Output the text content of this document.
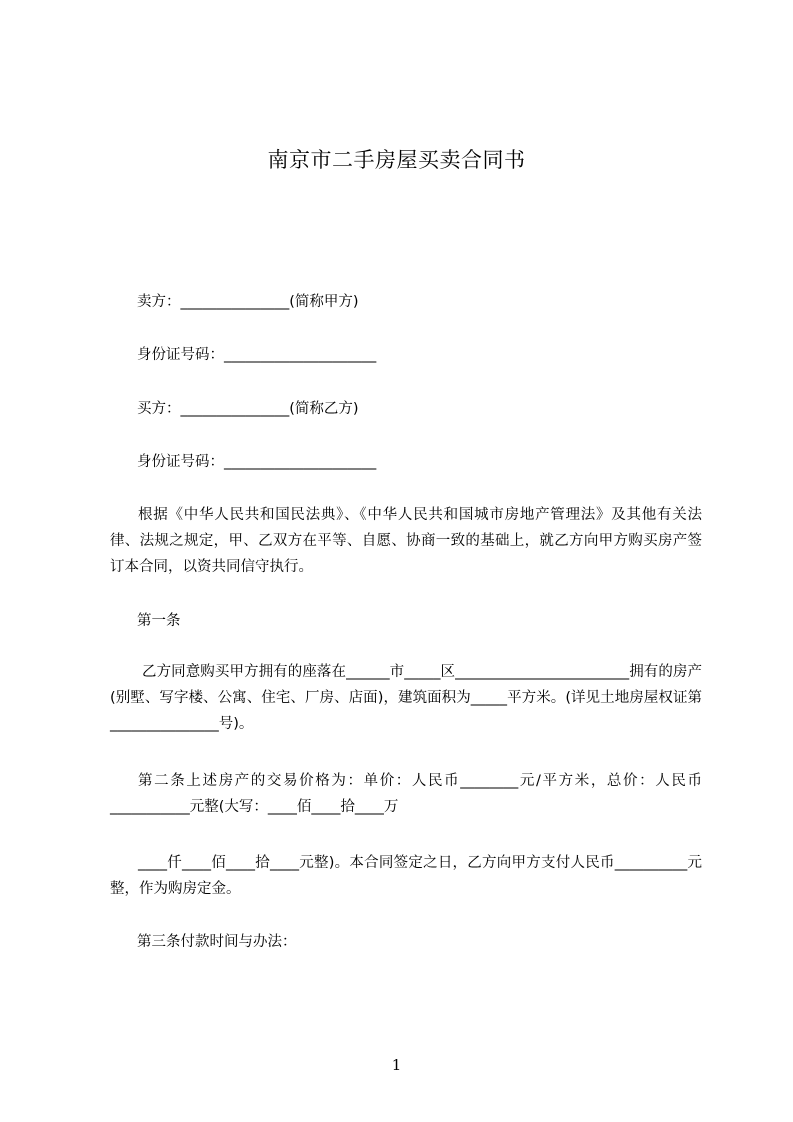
南京市二手房屋买卖合同书
卖方：_______________(简称甲方)
身份证号码：_____________________
买方：_______________(简称乙方)
身份证号码：_____________________
根据《中华人民共和国民法典》、《中华人民共和国城市房地产管理法》及其他有关法律、法规之规定，甲、乙双方在平等、自愿、协商一致的基础上，就乙方向甲方购买房产签订本合同，以资共同信守执行。
第一条
乙方同意购买甲方拥有的座落在______市_____区________________________拥有的房产(别墅、写字楼、公寓、住宅、厂房、店面)，建筑面积为_____平方米。(详见土地房屋权证第_______________号)。
第二条上述房产的交易价格为：单价：人民币________元/平方米，总价：人民币___________元整(大写：____佰____拾____万
____仟____佰____拾____元整)。本合同签定之日，乙方向甲方支付人民币__________元整，作为购房定金。
第三条付款时间与办法：
1
